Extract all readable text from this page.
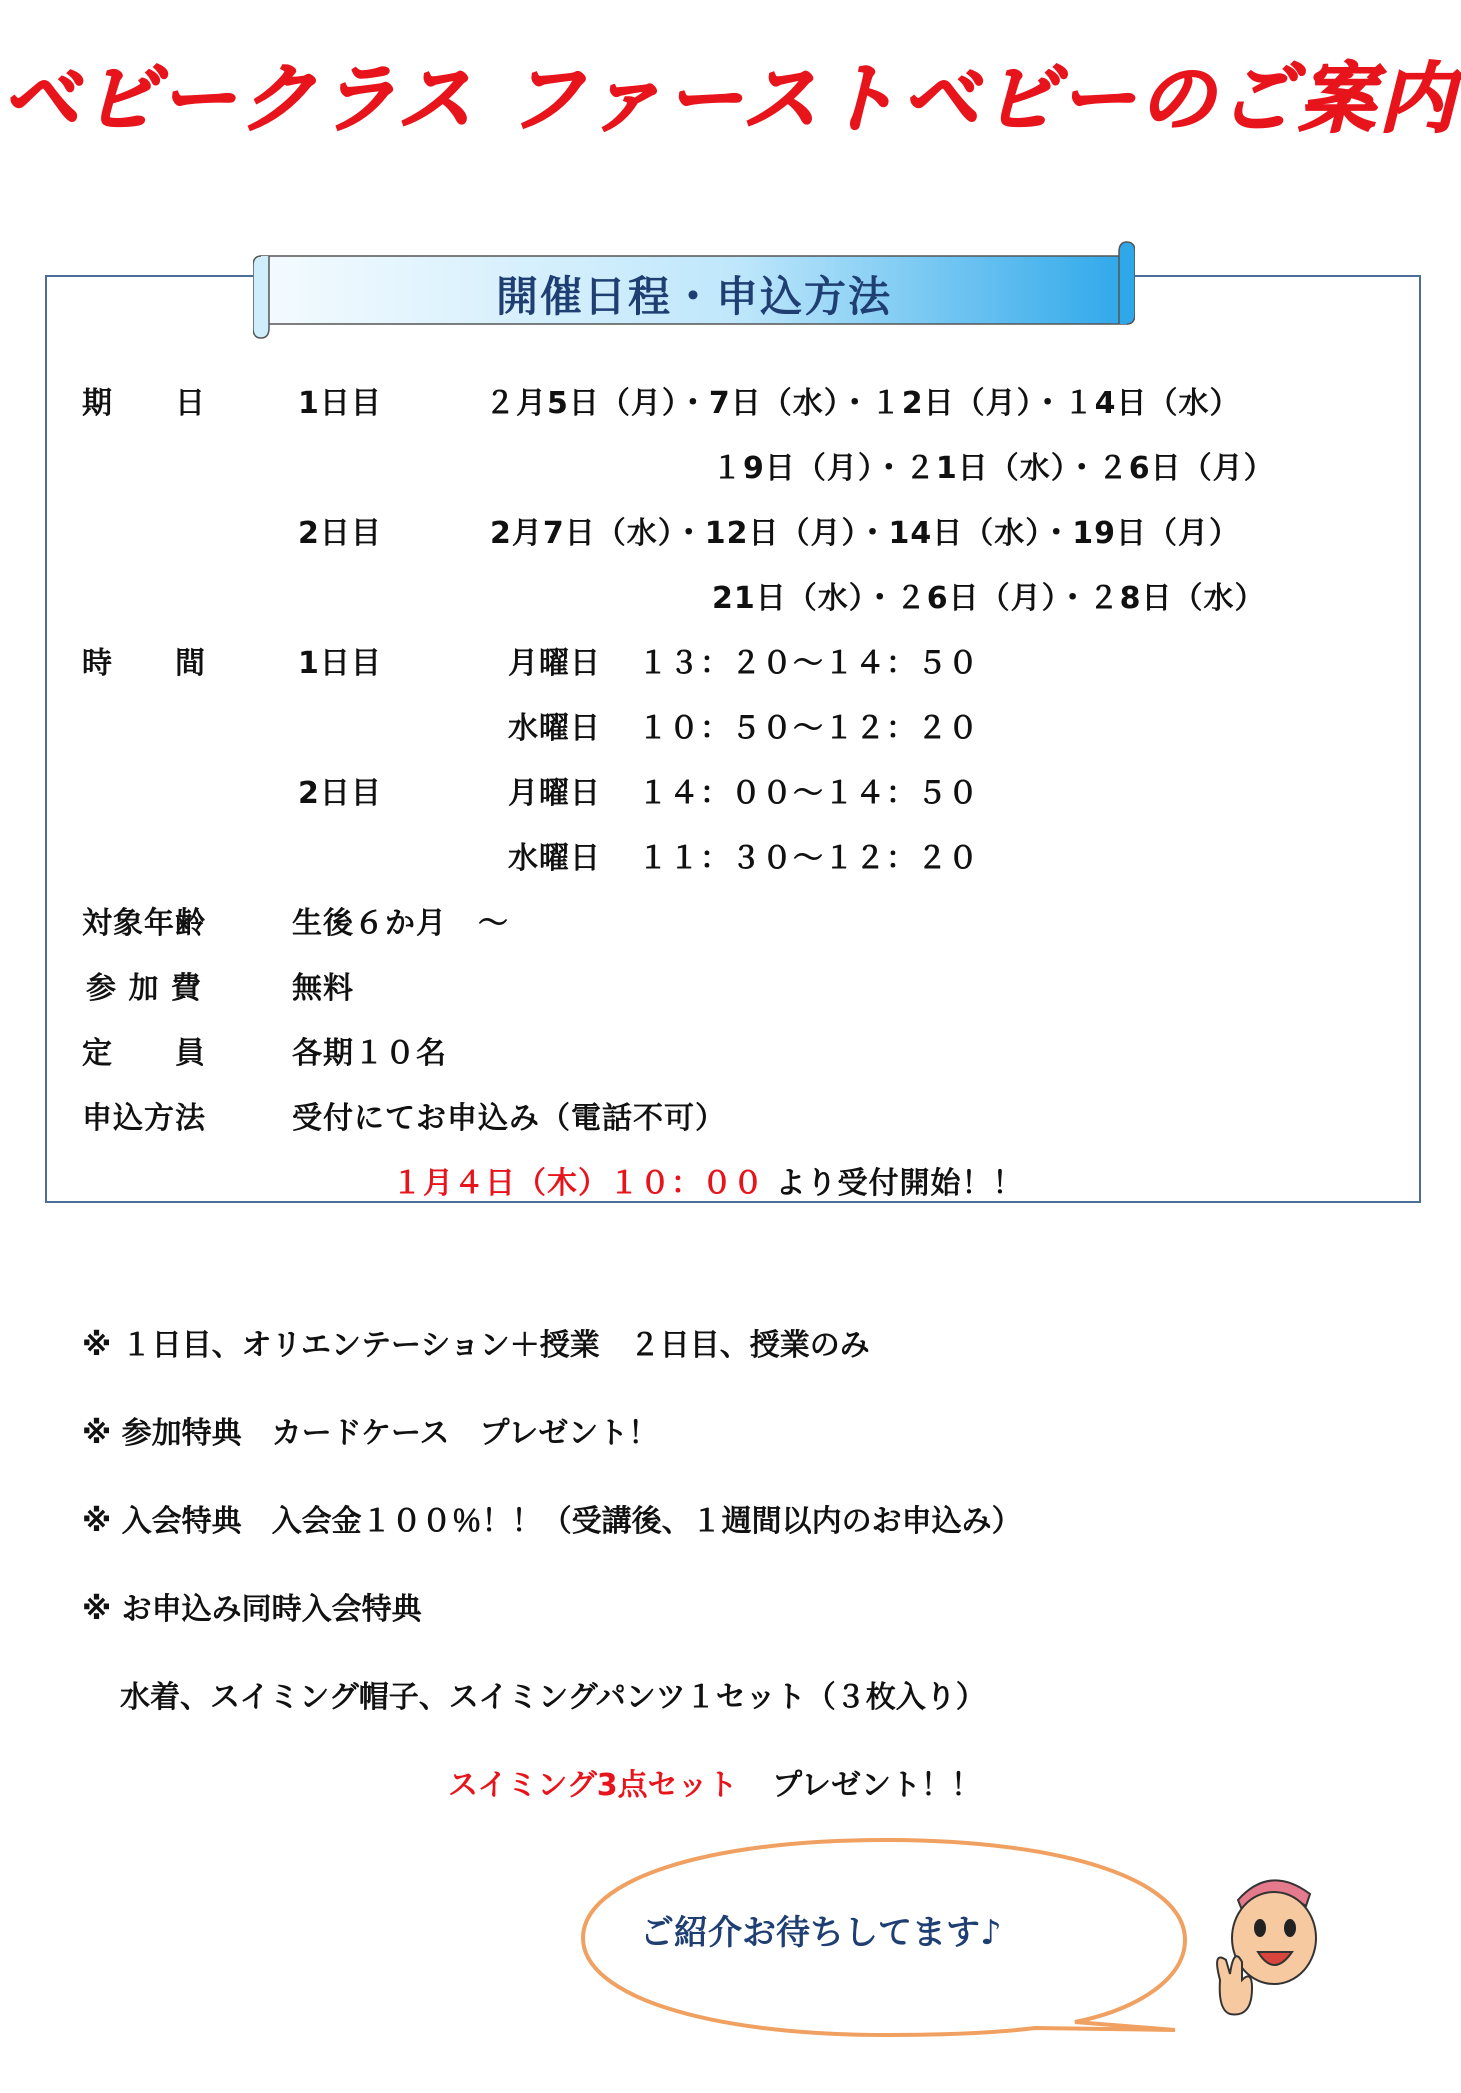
ベビークラス ファーストベビーのご案内
開催日程・申込方法
期　　日	1日目	２月5日（月）・7日（水）・１2日（月）・１4日（水）
１9日（月）・２1日（水）・２6日（月）
2日目	2月7日（水）・12日（月）・14日（水）・19日（月）
21日（水）・２6日（月）・２8日（水）
時　　間	1日目	月曜日 １３：２０～１４：５０
水曜日 １０：５０～１２：２０
2日目	月曜日 １４：００～１４：５０
水曜日 １１：３０～１２：２０
対象年齢	生後６か月　～
参 加 費	無料
定　　員	各期１０名
申込方法	受付にてお申込み（電話不可）
１月４日（木）１０：００ より受付開始！！
※ １日目、オリエンテーション＋授業　２日目、授業のみ
※ 参加特典　カードケース　プレゼント！
※ 入会特典　入会金１００％！！（受講後、１週間以内のお申込み）
※ お申込み同時入会特典
水着、スイミング帽子、スイミングパンツ１セット（３枚入り）
スイミング3点セット プレゼント！！
ご紹介お待ちしてます♪
